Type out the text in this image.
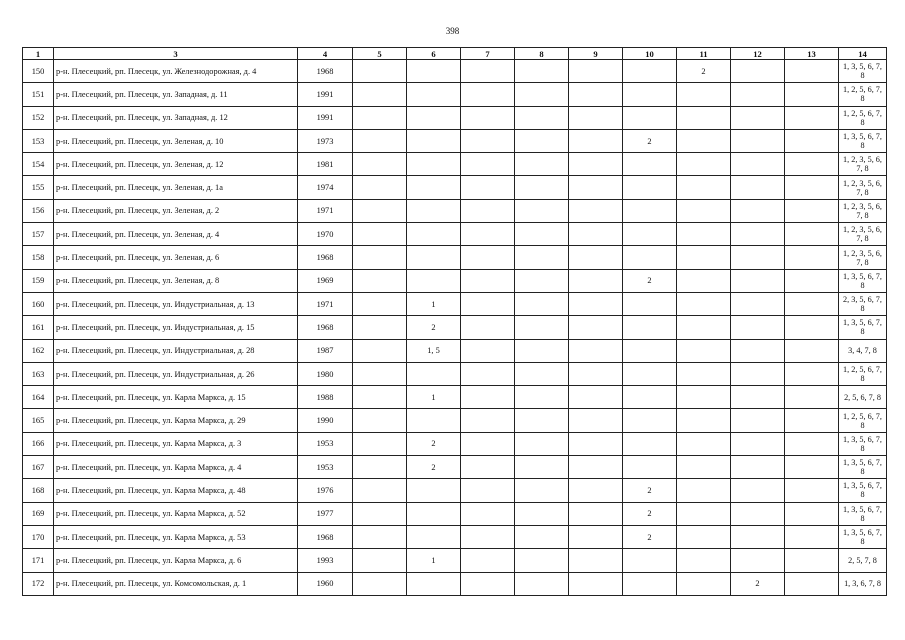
398
1	3	4	5	6	7	8	9	10	11	12	13	14
150	р-н. Плесецкий, рп. Плесецк, ул. Железнодорожная, д. 4	1968							2			1, 3, 5, 6, 7, 8
151	р-н. Плесецкий, рп. Плесецк, ул. Западная, д. 11	1991										1, 2, 5, 6, 7, 8
152	р-н. Плесецкий, рп. Плесецк, ул. Западная, д. 12	1991										1, 2, 5, 6, 7, 8
153	р-н. Плесецкий, рп. Плесецк, ул. Зеленая, д. 10	1973						2				1, 3, 5, 6, 7, 8
154	р-н. Плесецкий, рп. Плесецк, ул. Зеленая, д. 12	1981										1, 2, 3, 5, 6, 7, 8
155	р-н. Плесецкий, рп. Плесецк, ул. Зеленая, д. 1а	1974										1, 2, 3, 5, 6, 7, 8
156	р-н. Плесецкий, рп. Плесецк, ул. Зеленая, д. 2	1971										1, 2, 3, 5, 6, 7, 8
157	р-н. Плесецкий, рп. Плесецк, ул. Зеленая, д. 4	1970										1, 2, 3, 5, 6, 7, 8
158	р-н. Плесецкий, рп. Плесецк, ул. Зеленая, д. 6	1968										1, 2, 3, 5, 6, 7, 8
159	р-н. Плесецкий, рп. Плесецк, ул. Зеленая, д. 8	1969						2				1, 3, 5, 6, 7, 8
160	р-н. Плесецкий, рп. Плесецк, ул. Индустриальная, д. 13	1971		1								2, 3, 5, 6, 7, 8
161	р-н. Плесецкий, рп. Плесецк, ул. Индустриальная, д. 15	1968		2								1, 3, 5, 6, 7, 8
162	р-н. Плесецкий, рп. Плесецк, ул. Индустриальная, д. 28	1987		1, 5								3, 4, 7, 8
163	р-н. Плесецкий, рп. Плесецк, ул. Индустриальная, д. 26	1980										1, 2, 5, 6, 7, 8
164	р-н. Плесецкий, рп. Плесецк, ул. Карла Маркса, д. 15	1988		1								2, 5, 6, 7, 8
165	р-н. Плесецкий, рп. Плесецк, ул. Карла Маркса, д. 29	1990										1, 2, 5, 6, 7, 8
166	р-н. Плесецкий, рп. Плесецк, ул. Карла Маркса, д. 3	1953		2								1, 3, 5, 6, 7, 8
167	р-н. Плесецкий, рп. Плесецк, ул. Карла Маркса, д. 4	1953		2								1, 3, 5, 6, 7, 8
168	р-н. Плесецкий, рп. Плесецк, ул. Карла Маркса, д. 48	1976						2				1, 3, 5, 6, 7, 8
169	р-н. Плесецкий, рп. Плесецк, ул. Карла Маркса, д. 52	1977						2				1, 3, 5, 6, 7, 8
170	р-н. Плесецкий, рп. Плесецк, ул. Карла Маркса, д. 53	1968						2				1, 3, 5, 6, 7, 8
171	р-н. Плесецкий, рп. Плесецк, ул. Карла Маркса, д. 6	1993		1								2, 5, 7, 8
172	р-н. Плесецкий, рп. Плесецк, ул. Комсомольская, д. 1	1960								2		1, 3, 6, 7, 8
